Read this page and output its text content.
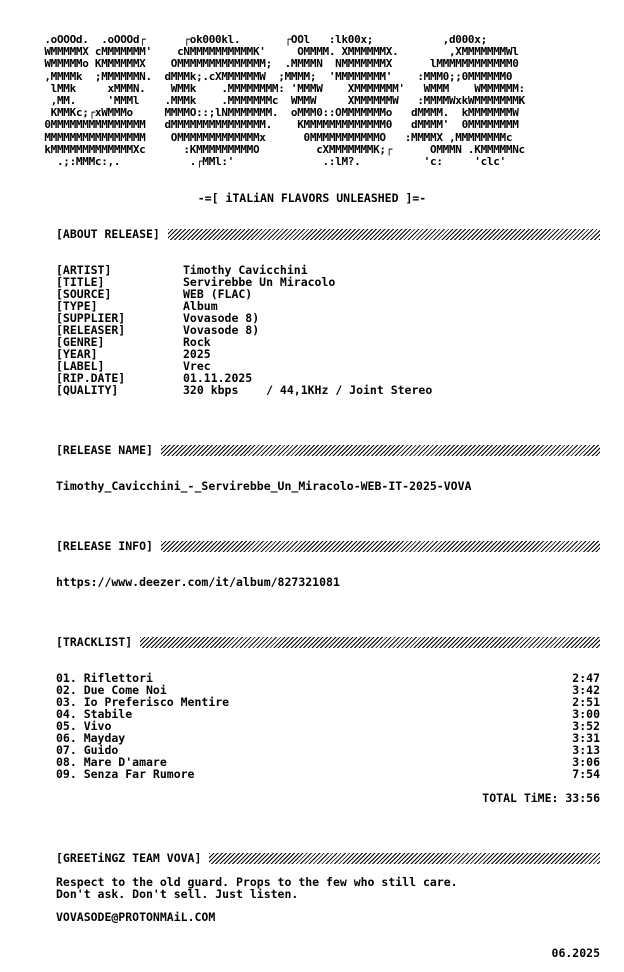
.oOOOd.  .oOOOd┌      ┌ok000kl.       ┌OOl   :lk00x;           ,d000x;
WMMMMMX cMMMMMMM'    cNMMMMMMMMMMK'     OMMMM. XMMMMMMX.        ,XMMMMMMMWl
WMMMMMo KMMMMMMX    OMMMMMMMMMMMMMM;  .MMMMN  NMMMMMMMX      lMMMMMMMMMMMM0
,MMMMk  ;MMMMMMN.  dMMMk;.cXMMMMMMW  ;MMMM;  'MMMMMMMM'    :MMM0;;0MMMMMM0
lMMk     xMMMN.    WMMk    .MMMMMMMM: 'MMMW    XMMMMMMM'   WMMM    WMMMMMM:
,MM.     'MMMl    .MMMk    .MMMMMMMc  WMMW     XMMMMMMW   :MMMMWxkWMMMMMMMK
KMMKc;┌xWMMMo     MMMMO::;lNMMMMMMM.  oMMM0::OMMMMMMMo   dMMMM.  kMMMMMMMW
0MMMMMMMMMMMMMMM   dMMMMMMMMMMMMMMM.    KMMMMMMMMMMMMM0   dMMMM'  0MMMMMMMM
MMMMMMMMMMMMMMMM    OMMMMMMMMMMMMMx      0MMMMMMMMMMMO   :MMMMX ,MMMMMMMMc
kMMMMMMMMMMMMMXc      :KMMMMMMMMMO         cXMMMMMMMK;┌      OMMMN .KMMMMMNc
.;:MMMc:,.           .┌MMl:'              .:lM?.          'c:     'clc'
-=[ iTALiAN FLAVORS UNLEASHED ]=-
[ABOUT RELEASE]
[ARTIST]	Timothy Cavicchini
[TITLE]	Servirebbe Un Miracolo
[SOURCE]	WEB (FLAC)
[TYPE]	Album
[SUPPLIER]	Vovasode 8)
[RELEASER]	Vovasode 8)
[GENRE]	Rock
[YEAR]	2025
[LABEL]	Vrec
[RIP.DATE]	01.11.2025
[QUALITY]	320 kbps    / 44,1KHz / Joint Stereo
[RELEASE NAME]
Timothy_Cavicchini_-_Servirebbe_Un_Miracolo-WEB-IT-2025-VOVA
[RELEASE INFO]
https://www.deezer.com/it/album/827321081
[TRACKLIST]
01. Riflettori	2:47
02. Due Come Noi	3:42
03. Io Preferisco Mentire	2:51
04. Stabile	3:00
05. Vivo	3:52
06. Mayday	3:31
07. Guido	3:13
08. Mare D'amare	3:06
09. Senza Far Rumore	7:54
TOTAL TiME: 33:56
[GREETiNGZ TEAM VOVA]
Respect to the old guard. Props to the few who still care.
Don't ask. Don't sell. Just listen.
VOVASODE@PROTONMAiL.COM
06.2025
